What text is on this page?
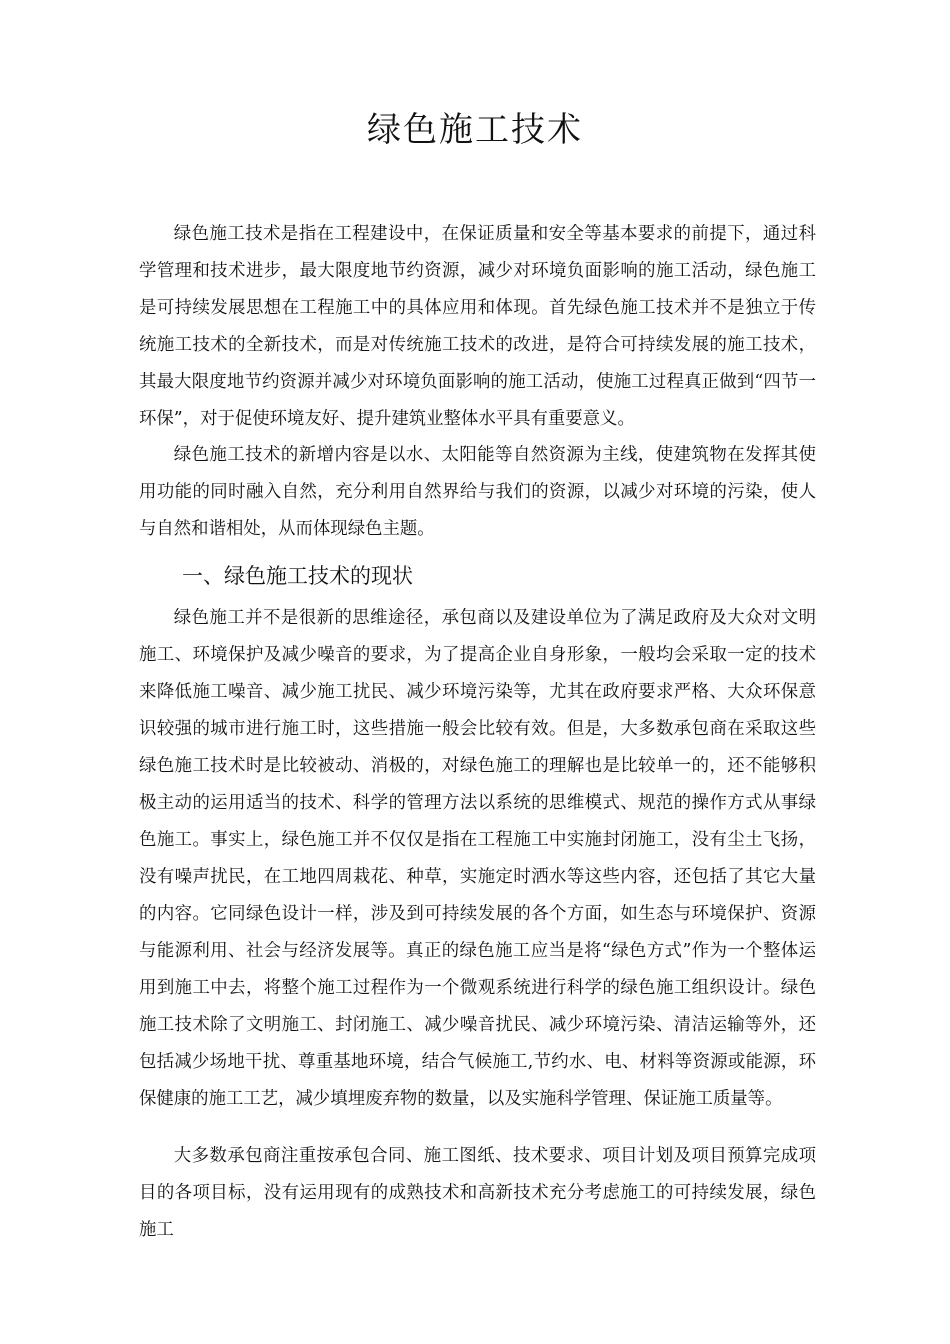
绿色施工技术

绿色施工技术是指在工程建设中，在保证质量和安全等基本要求的前提下，通过科学管理和技术进步，最大限度地节约资源，减少对环境负面影响的施工活动，绿色施工是可持续发展思想在工程施工中的具体应用和体现。首先绿色施工技术并不是独立于传统施工技术的全新技术，而是对传统施工技术的改进，是符合可持续发展的施工技术，其最大限度地节约资源并减少对环境负面影响的施工活动，使施工过程真正做到“四节一环保”，对于促使环境友好、提升建筑业整体水平具有重要意义。

绿色施工技术的新增内容是以水、太阳能等自然资源为主线，使建筑物在发挥其使用功能的同时融入自然，充分利用自然界给与我们的资源，以减少对环境的污染，使人与自然和谐相处，从而体现绿色主题。

一、绿色施工技术的现状

绿色施工并不是很新的思维途径，承包商以及建设单位为了满足政府及大众对文明施工、环境保护及减少噪音的要求，为了提高企业自身形象，一般均会采取一定的技术来降低施工噪音、减少施工扰民、减少环境污染等，尤其在政府要求严格、大众环保意识较强的城市进行施工时，这些措施一般会比较有效。但是，大多数承包商在采取这些绿色施工技术时是比较被动、消极的，对绿色施工的理解也是比较单一的，还不能够积极主动的运用适当的技术、科学的管理方法以系统的思维模式、规范的操作方式从事绿色施工。事实上，绿色施工并不仅仅是指在工程施工中实施封闭施工，没有尘土飞扬，没有噪声扰民，在工地四周栽花、种草，实施定时洒水等这些内容，还包括了其它大量的内容。它同绿色设计一样，涉及到可持续发展的各个方面，如生态与环境保护、资源与能源利用、社会与经济发展等。真正的绿色施工应当是将“绿色方式”作为一个整体运用到施工中去，将整个施工过程作为一个微观系统进行科学的绿色施工组织设计。绿色施工技术除了文明施工、封闭施工、减少噪音扰民、减少环境污染、清洁运输等外，还包括减少场地干扰、尊重基地环境，结合气候施工,节约水、电、材料等资源或能源，环保健康的施工工艺，减少填埋废弃物的数量，以及实施科学管理、保证施工质量等。

大多数承包商注重按承包合同、施工图纸、技术要求、项目计划及项目预算完成项目的各项目标，没有运用现有的成熟技术和高新技术充分考虑施工的可持续发展，绿色施工
